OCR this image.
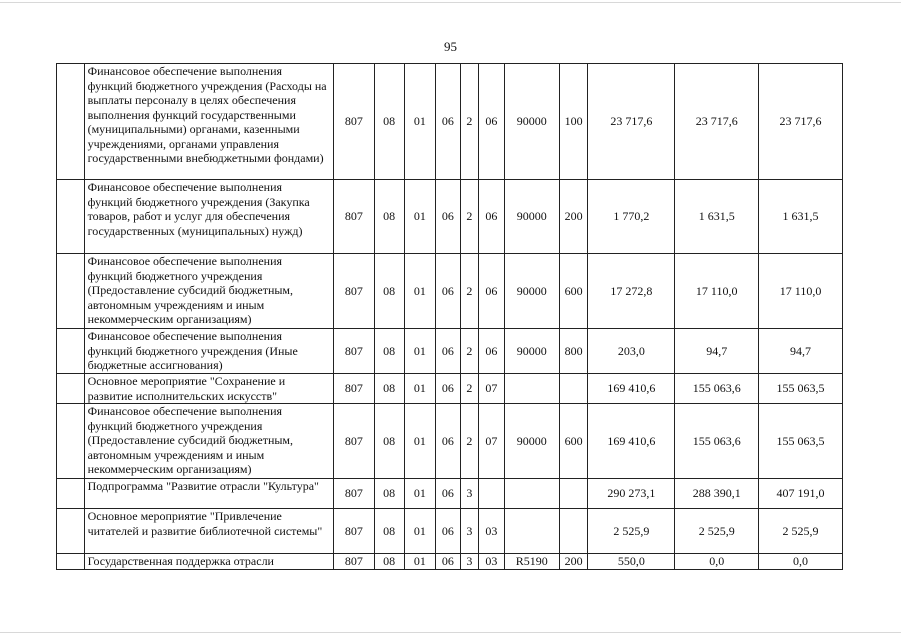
95
	Финансовое обеспечение выполнения функций бюджетного учреждения (Расходы на выплаты персоналу в целях обеспечения выполнения функций государственными (муниципальными) органами, казенными учреждениями, органами управления государственными внебюджетными фондами)	807	08	01	06	2	06	90000	100	23 717,6	23 717,6	23 717,6
	Финансовое обеспечение выполнения функций бюджетного учреждения (Закупка товаров, работ и услуг для обеспечения государственных (муниципальных) нужд)	807	08	01	06	2	06	90000	200	1 770,2	1 631,5	1 631,5
	Финансовое обеспечение выполнения функций бюджетного учреждения (Предоставление субсидий бюджетным, автономным учреждениям и иным некоммерческим организациям)	807	08	01	06	2	06	90000	600	17 272,8	17 110,0	17 110,0
	Финансовое обеспечение выполнения функций бюджетного учреждения (Иные бюджетные ассигнования)	807	08	01	06	2	06	90000	800	203,0	94,7	94,7
	Основное мероприятие "Сохранение и развитие исполнительских искусств"	807	08	01	06	2	07			169 410,6	155 063,6	155 063,5
	Финансовое обеспечение выполнения функций бюджетного учреждения (Предоставление субсидий бюджетным, автономным учреждениям и иным некоммерческим организациям)	807	08	01	06	2	07	90000	600	169 410,6	155 063,6	155 063,5
	Подпрограмма "Развитие отрасли "Культура"	807	08	01	06	3				290 273,1	288 390,1	407 191,0
	Основное мероприятие "Привлечение читателей и развитие библиотечной системы"	807	08	01	06	3	03			2 525,9	2 525,9	2 525,9
	Государственная поддержка отрасли	807	08	01	06	3	03	R5190	200	550,0	0,0	0,0
